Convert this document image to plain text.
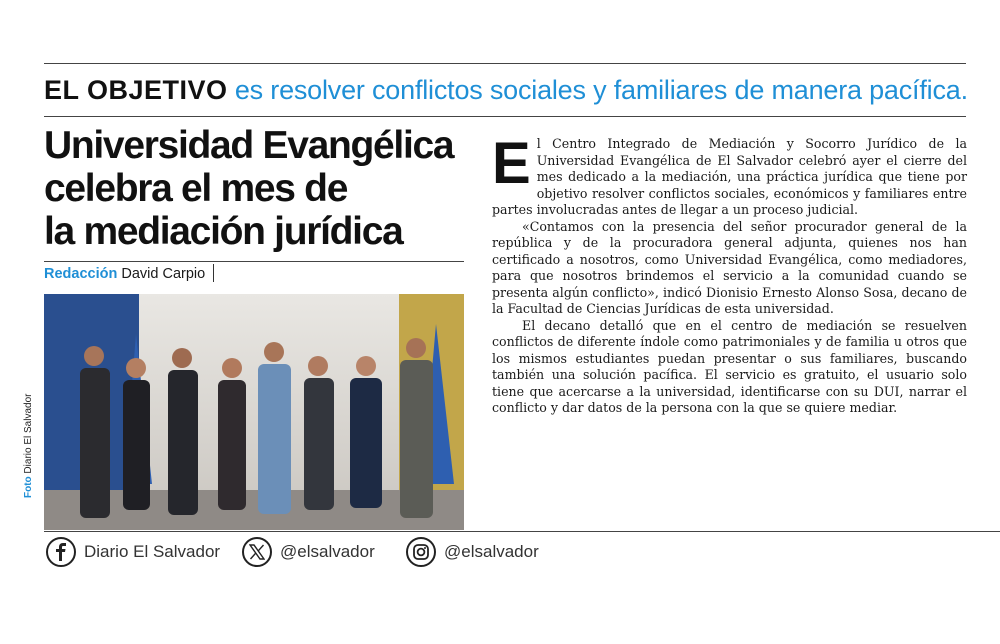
EL OBJETIVO es resolver conflictos sociales y familiares de manera pacífica.
Universidad Evangélica
celebra el mes de
la mediación jurídica
Redacción David Carpio
Foto Diario El Salvador

El Centro Integrado de Mediación y Socorro Jurídico de la Universidad Evangélica de El Salvador celebró ayer el cierre del mes dedicado a la mediación, una práctica jurídica que tiene por objetivo resolver conflictos sociales, económicos y familiares entre partes involucradas antes de llegar a un proceso judicial.

«Contamos con la presencia del señor procurador general de la república y de la procuradora general adjunta, quienes nos han certificado a nosotros, como Universidad Evangélica, como mediadores, para que nosotros brindemos el servicio a la comunidad cuando se presenta algún conflicto», indicó Dionisio Ernesto Alonso Sosa, decano de la Facultad de Ciencias Jurídicas de esta universidad.

El decano detalló que en el centro de mediación se resuelven conflictos de diferente índole como patrimoniales y de familia u otros que los mismos estudiantes puedan presentar o sus familiares, buscando también una solución pacífica. El servicio es gratuito, el usuario solo tiene que acercarse a la universidad, identificarse con su DUI, narrar el conflicto y dar datos de la persona con la que se quiere mediar.

Diario El Salvador	@elsalvador	@elsalvador
